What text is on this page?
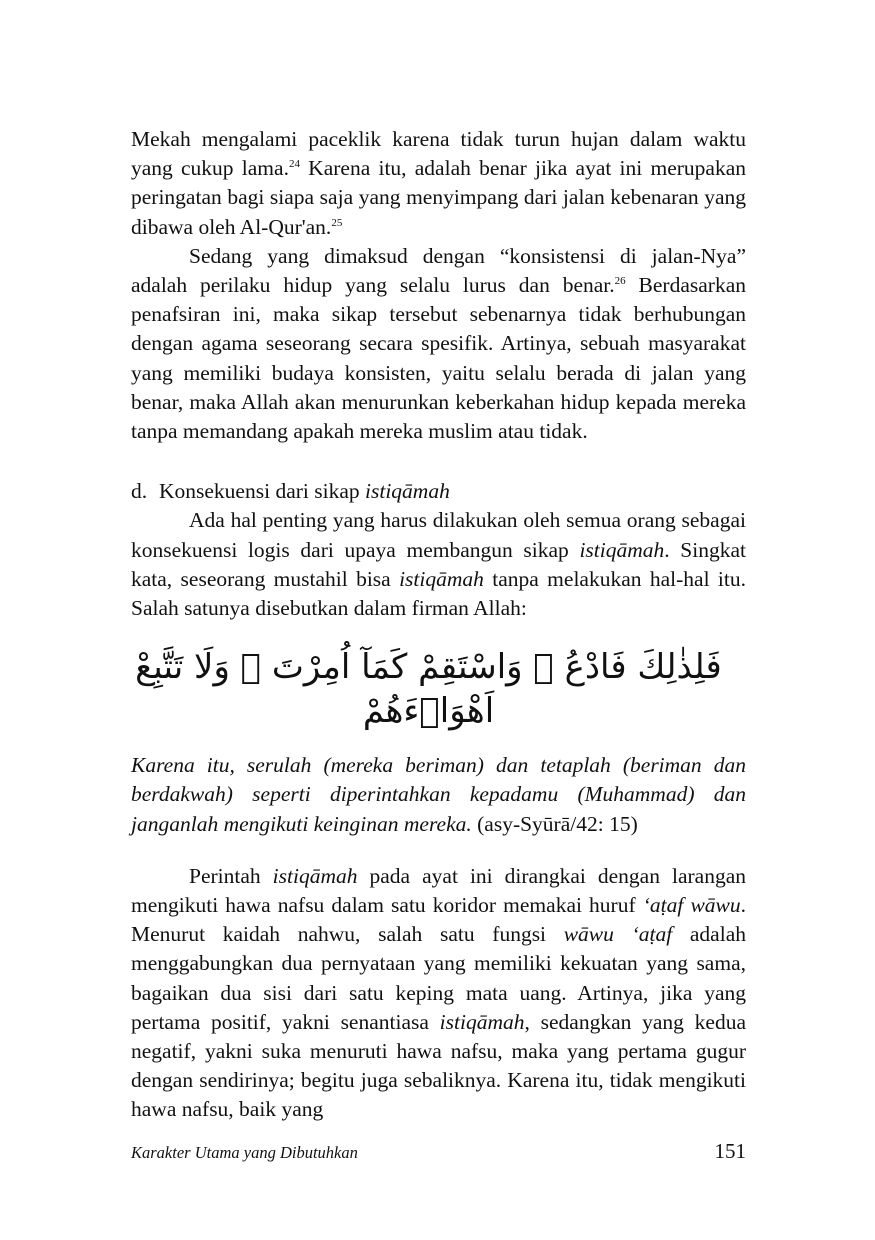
Mekah mengalami paceklik karena tidak turun hujan dalam waktu yang cukup lama.$^{24}$ Karena itu, adalah benar jika ayat ini merupakan peringatan bagi siapa saja yang menyimpang dari jalan kebenaran yang dibawa oleh Al-Qur'an.$^{25}$

Sedang yang dimaksud dengan “konsistensi di jalan-Nya” adalah perilaku hidup yang selalu lurus dan benar.$^{26}$ Berdasarkan penafsiran ini, maka sikap tersebut sebenarnya tidak berhubungan dengan agama seseorang secara spesifik. Artinya, sebuah masyarakat yang memiliki budaya konsisten, yaitu selalu berada di jalan yang benar, maka Allah akan menurunkan keberkahan hidup kepada mereka tanpa memandang apakah mereka muslim atau tidak.

d. Konsekuensi dari sikap istiqāmah

Ada hal penting yang harus dilakukan oleh semua orang sebagai konsekuensi logis dari upaya membangun sikap istiqāmah. Singkat kata, seseorang mustahil bisa istiqāmah tanpa melakukan hal-hal itu. Salah satunya disebutkan dalam firman Allah:

فَلِذٰلِكَ فَادْعُ ۚ وَاسْتَقِمْ كَمَآ اُمِرْتَ ۚ وَلَا تَتَّبِعْ اَهْوَاۤءَهُمْ

Karena itu, serulah (mereka beriman) dan tetaplah (beriman dan berdakwah) seperti diperintahkan kepadamu (Muhammad) dan janganlah mengikuti keinginan mereka. (asy-Syūrā/42: 15)

Perintah istiqāmah pada ayat ini dirangkai dengan larangan mengikuti hawa nafsu dalam satu koridor memakai huruf ‘aṭaf wāwu. Menurut kaidah nahwu, salah satu fungsi wāwu ‘aṭaf adalah menggabungkan dua pernyataan yang memiliki kekuatan yang sama, bagaikan dua sisi dari satu keping mata uang. Artinya, jika yang pertama positif, yakni senantiasa istiqāmah, sedangkan yang kedua negatif, yakni suka menuruti hawa nafsu, maka yang pertama gugur dengan sendirinya; begitu juga sebaliknya. Karena itu, tidak mengikuti hawa nafsu, baik yang

Karakter Utama yang Dibutuhkan	151
